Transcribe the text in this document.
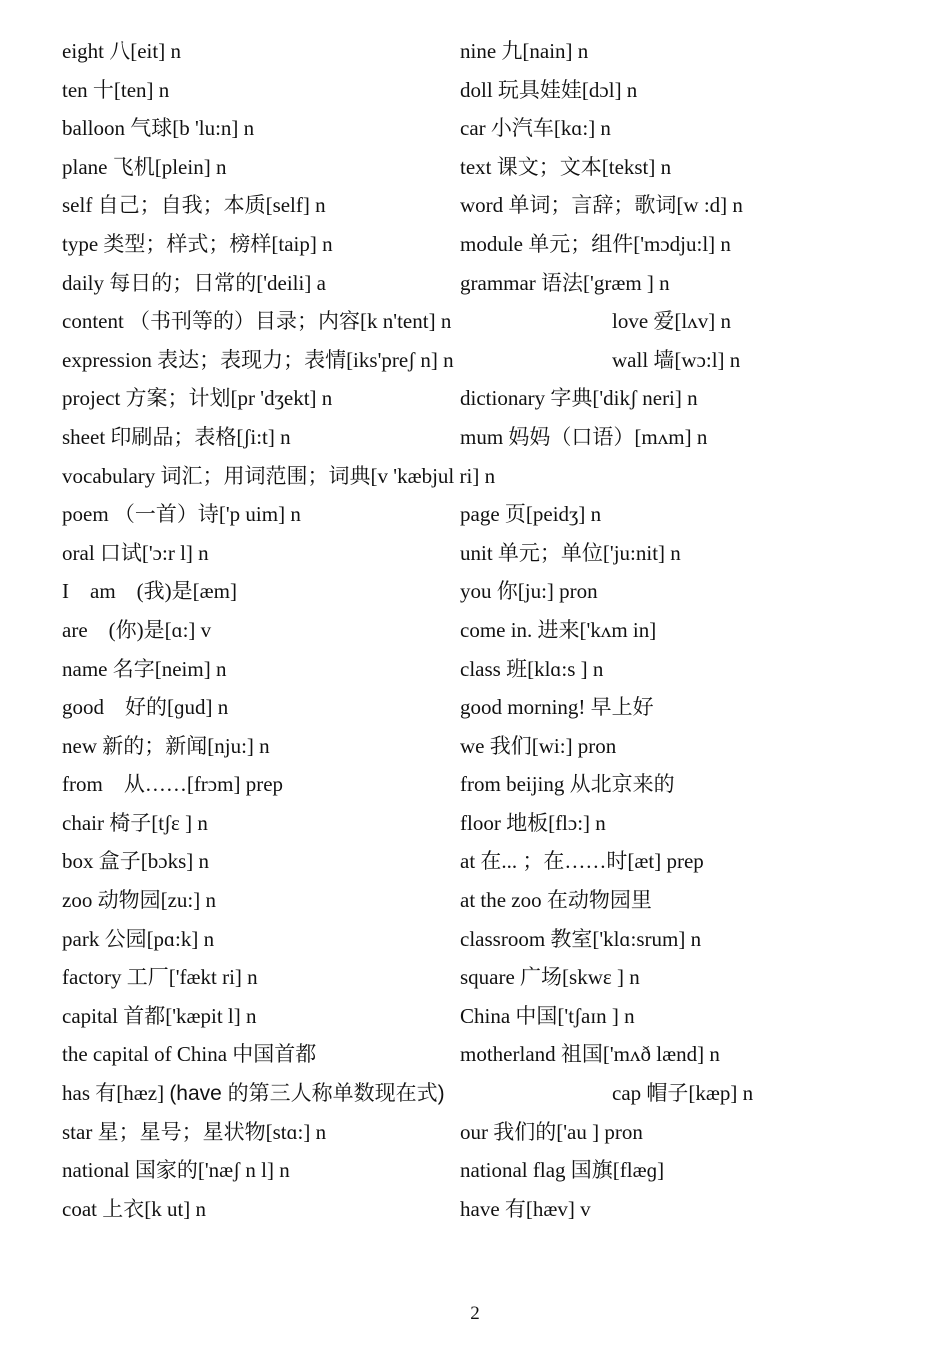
eight 八[eit] n	nine 九[nain] n
ten 十[ten] n	doll 玩具娃娃[dɔl] n
balloon 气球[b 'lu:n] n	car 小汽车[kɑ:] n
plane 飞机[plein] n	text 课文；文本[tekst] n
self 自己；自我；本质[self] n	word 单词；言辞；歌词[w :d] n
type 类型；样式；榜样[taip] n	module 单元；组件['mɔdju:l] n
daily 每日的；日常的['deili] a	grammar 语法['græm ] n
content （书刊等的）目录；内容[k n'tent] n	love 爱[lʌv] n
expression 表达；表现力；表情[iks'preʃ n] n	wall 墙[wɔ:l] n
project 方案；计划[pr 'dʒekt] n	dictionary 字典['dikʃ neri] n
sheet 印刷品；表格[ʃi:t] n	mum 妈妈（口语）[mʌm] n
vocabulary 词汇；用词范围；词典[v 'kæbjul ri] n
poem （一首）诗['p uim] n	page 页[peidʒ] n
oral 口试['ɔ:r l] n	unit 单元；单位['ju:nit] n
I    am    (我)是[æm]	you 你[ju:] pron
are    (你)是[ɑ:] v	come in. 进来['kʌm in]
name 名字[neim] n	class 班[klɑ:s ] n
good    好的[ɡud] n	good morning! 早上好
new 新的；新闻[nju:] n	we 我们[wi:] pron
from    从……[frɔm] prep	from beijing 从北京来的
chair 椅子[tʃɛ ] n	floor 地板[flɔ:] n
box 盒子[bɔks] n	at 在... ；在……时[æt] prep
zoo 动物园[zu:] n	at the zoo 在动物园里
park 公园[pɑ:k] n	classroom 教室['klɑ:srum] n
factory 工厂['fækt ri] n	square 广场[skwɛ ] n
capital 首都['kæpit l] n	China 中国['tʃaɪn ] n
the capital of China 中国首都	motherland 祖国['mʌð lænd] n
has 有[hæz] (have 的第三人称单数现在式)	cap 帽子[kæp] n
star 星；星号；星状物[stɑ:] n	our 我们的['au ] pron
national 国家的['næʃ n l] n	national flag 国旗[flæɡ]
coat 上衣[k ut] n	have 有[hæv] v
2
